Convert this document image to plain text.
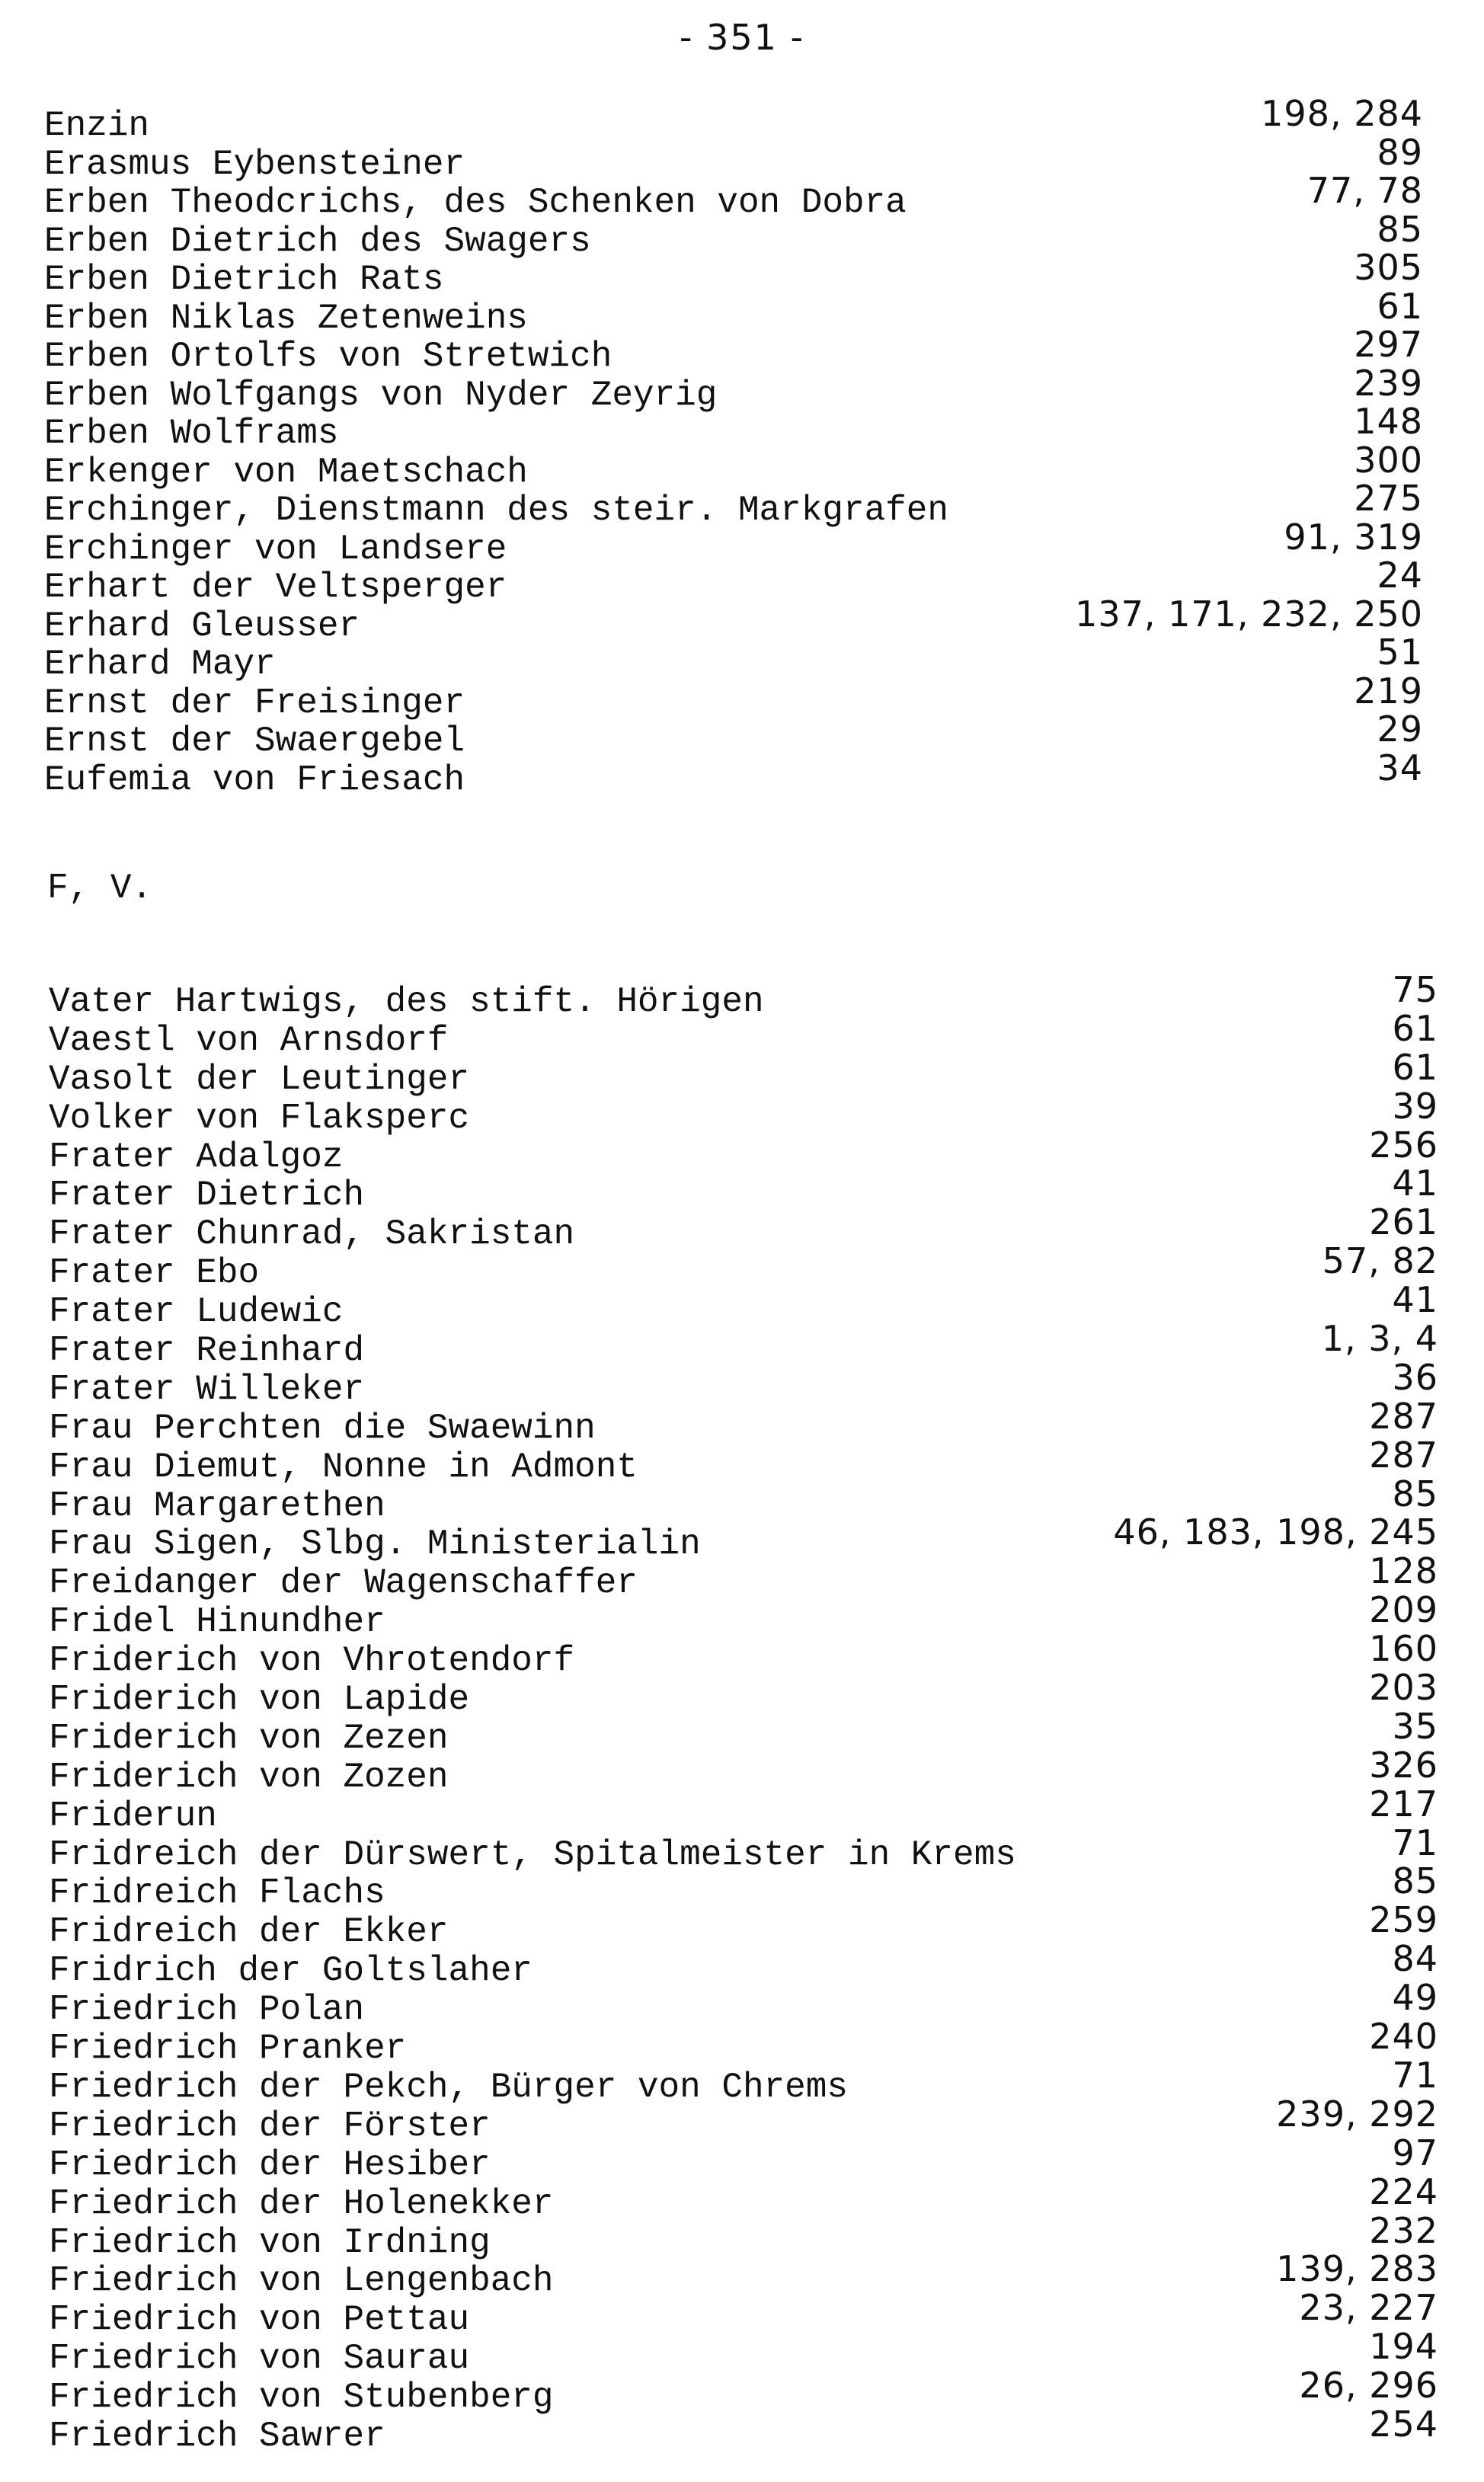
- 351 -
Enzin	198, 284
Erasmus Eybensteiner	89
Erben Theodcrichs, des Schenken von Dobra	77, 78
Erben Dietrich des Swagers	85
Erben Dietrich Rats	305
Erben Niklas Zetenweins	61
Erben Ortolfs von Stretwich	297
Erben Wolfgangs von Nyder Zeyrig	239
Erben Wolframs	148
Erkenger von Maetschach	300
Erchinger, Dienstmann des steir. Markgrafen	275
Erchinger von Landsere	91, 319
Erhart der Veltsperger	24
Erhard Gleusser	137, 171, 232, 250
Erhard Mayr	51
Ernst der Freisinger	219
Ernst der Swaergebel	29
Eufemia von Friesach	34
F, V.
Vater Hartwigs, des stift. Hörigen	75
Vaestl von Arnsdorf	61
Vasolt der Leutinger	61
Volker von Flaksperc	39
Frater Adalgoz	256
Frater Dietrich	41
Frater Chunrad, Sakristan	261
Frater Ebo	57, 82
Frater Ludewic	41
Frater Reinhard	1, 3, 4
Frater Willeker	36
Frau Perchten die Swaewinn	287
Frau Diemut, Nonne in Admont	287
Frau Margarethen	85
Frau Sigen, Slbg. Ministerialin	46, 183, 198, 245
Freidanger der Wagenschaffer	128
Fridel Hinundher	209
Friderich von Vhrotendorf	160
Friderich von Lapide	203
Friderich von Zezen	35
Friderich von Zozen	326
Friderun	217
Fridreich der Dürswert, Spitalmeister in Krems	71
Fridreich Flachs	85
Fridreich der Ekker	259
Fridrich der Goltslaher	84
Friedrich Polan	49
Friedrich Pranker	240
Friedrich der Pekch, Bürger von Chrems	71
Friedrich der Förster	239, 292
Friedrich der Hesiber	97
Friedrich der Holenekker	224
Friedrich von Irdning	232
Friedrich von Lengenbach	139, 283
Friedrich von Pettau	23, 227
Friedrich von Saurau	194
Friedrich von Stubenberg	26, 296
Friedrich Sawrer	254
